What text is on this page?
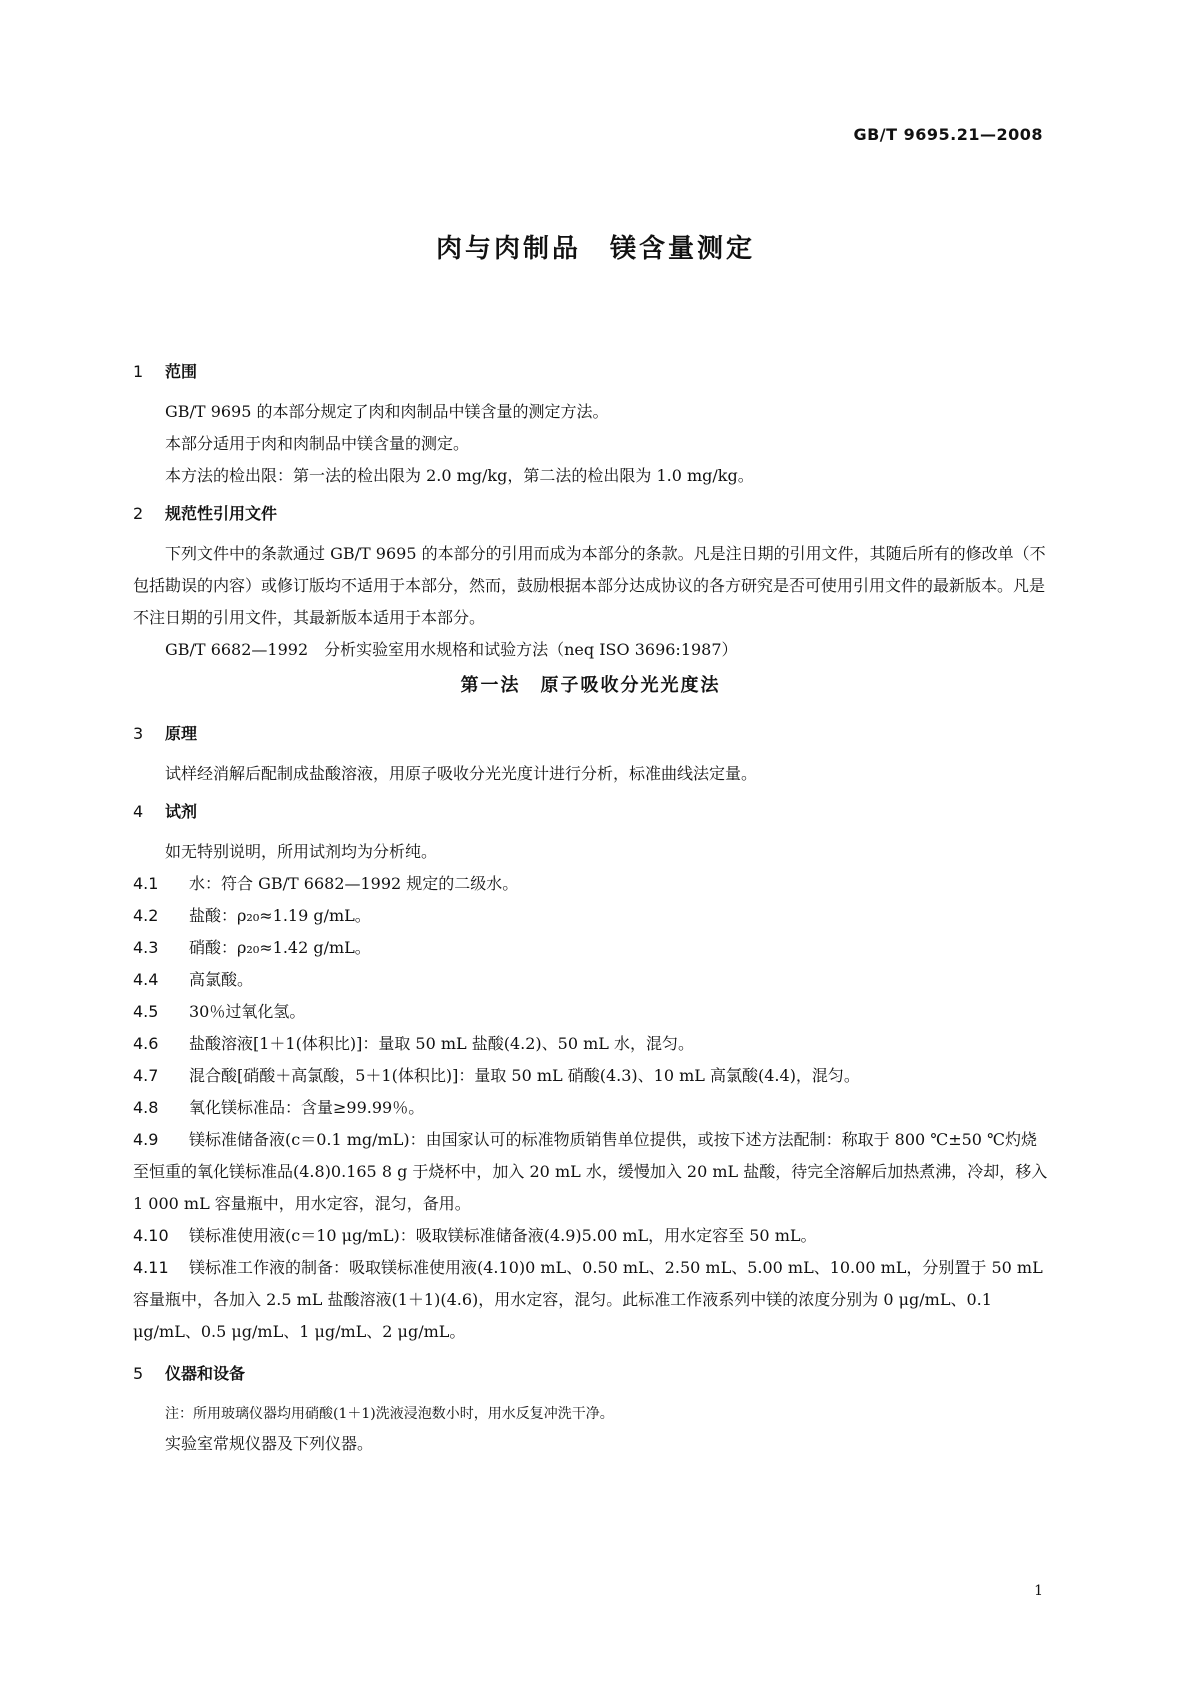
GB/T 9695.21—2008
肉与肉制品　镁含量测定
1 范围

GB/T 9695 的本部分规定了肉和肉制品中镁含量的测定方法。

本部分适用于肉和肉制品中镁含量的测定。

本方法的检出限：第一法的检出限为 2.0 mg/kg，第二法的检出限为 1.0 mg/kg。

2 规范性引用文件

下列文件中的条款通过 GB/T 9695 的本部分的引用而成为本部分的条款。凡是注日期的引用文件，其随后所有的修改单（不包括勘误的内容）或修订版均不适用于本部分，然而，鼓励根据本部分达成协议的各方研究是否可使用引用文件的最新版本。凡是不注日期的引用文件，其最新版本适用于本部分。

GB/T 6682—1992　分析实验室用水规格和试验方法（neq ISO 3696:1987）

第一法　原子吸收分光光度法
3 原理

试样经消解后配制成盐酸溶液，用原子吸收分光光度计进行分析，标准曲线法定量。

4 试剂

如无特别说明，所用试剂均为分析纯。

4.1 水：符合 GB/T 6682—1992 规定的二级水。
4.2 盐酸：ρ₂₀≈1.19 g/mL。
4.3 硝酸：ρ₂₀≈1.42 g/mL。
4.4 高氯酸。
4.5 30％过氧化氢。
4.6 盐酸溶液[1＋1(体积比)]：量取 50 mL 盐酸(4.2)、50 mL 水，混匀。
4.7 混合酸[硝酸＋高氯酸，5＋1(体积比)]：量取 50 mL 硝酸(4.3)、10 mL 高氯酸(4.4)，混匀。
4.8 氧化镁标准品：含量≥99.99％。
4.9 镁标准储备液(c＝0.1 mg/mL)：由国家认可的标准物质销售单位提供，或按下述方法配制：称取于 800 ℃±50 ℃灼烧至恒重的氧化镁标准品(4.8)0.165 8 g 于烧杯中，加入 20 mL 水，缓慢加入 20 mL 盐酸，待完全溶解后加热煮沸，冷却，移入 1 000 mL 容量瓶中，用水定容，混匀，备用。
4.10 镁标准使用液(c＝10 μg/mL)：吸取镁标准储备液(4.9)5.00 mL，用水定容至 50 mL。
4.11 镁标准工作液的制备：吸取镁标准使用液(4.10)0 mL、0.50 mL、2.50 mL、5.00 mL、10.00 mL，分别置于 50 mL 容量瓶中，各加入 2.5 mL 盐酸溶液(1＋1)(4.6)，用水定容，混匀。此标准工作液系列中镁的浓度分别为 0 μg/mL、0.1 μg/mL、0.5 μg/mL、1 μg/mL、2 μg/mL。
5 仪器和设备

注：所用玻璃仪器均用硝酸(1＋1)洗液浸泡数小时，用水反复冲洗干净。

实验室常规仪器及下列仪器。

1
